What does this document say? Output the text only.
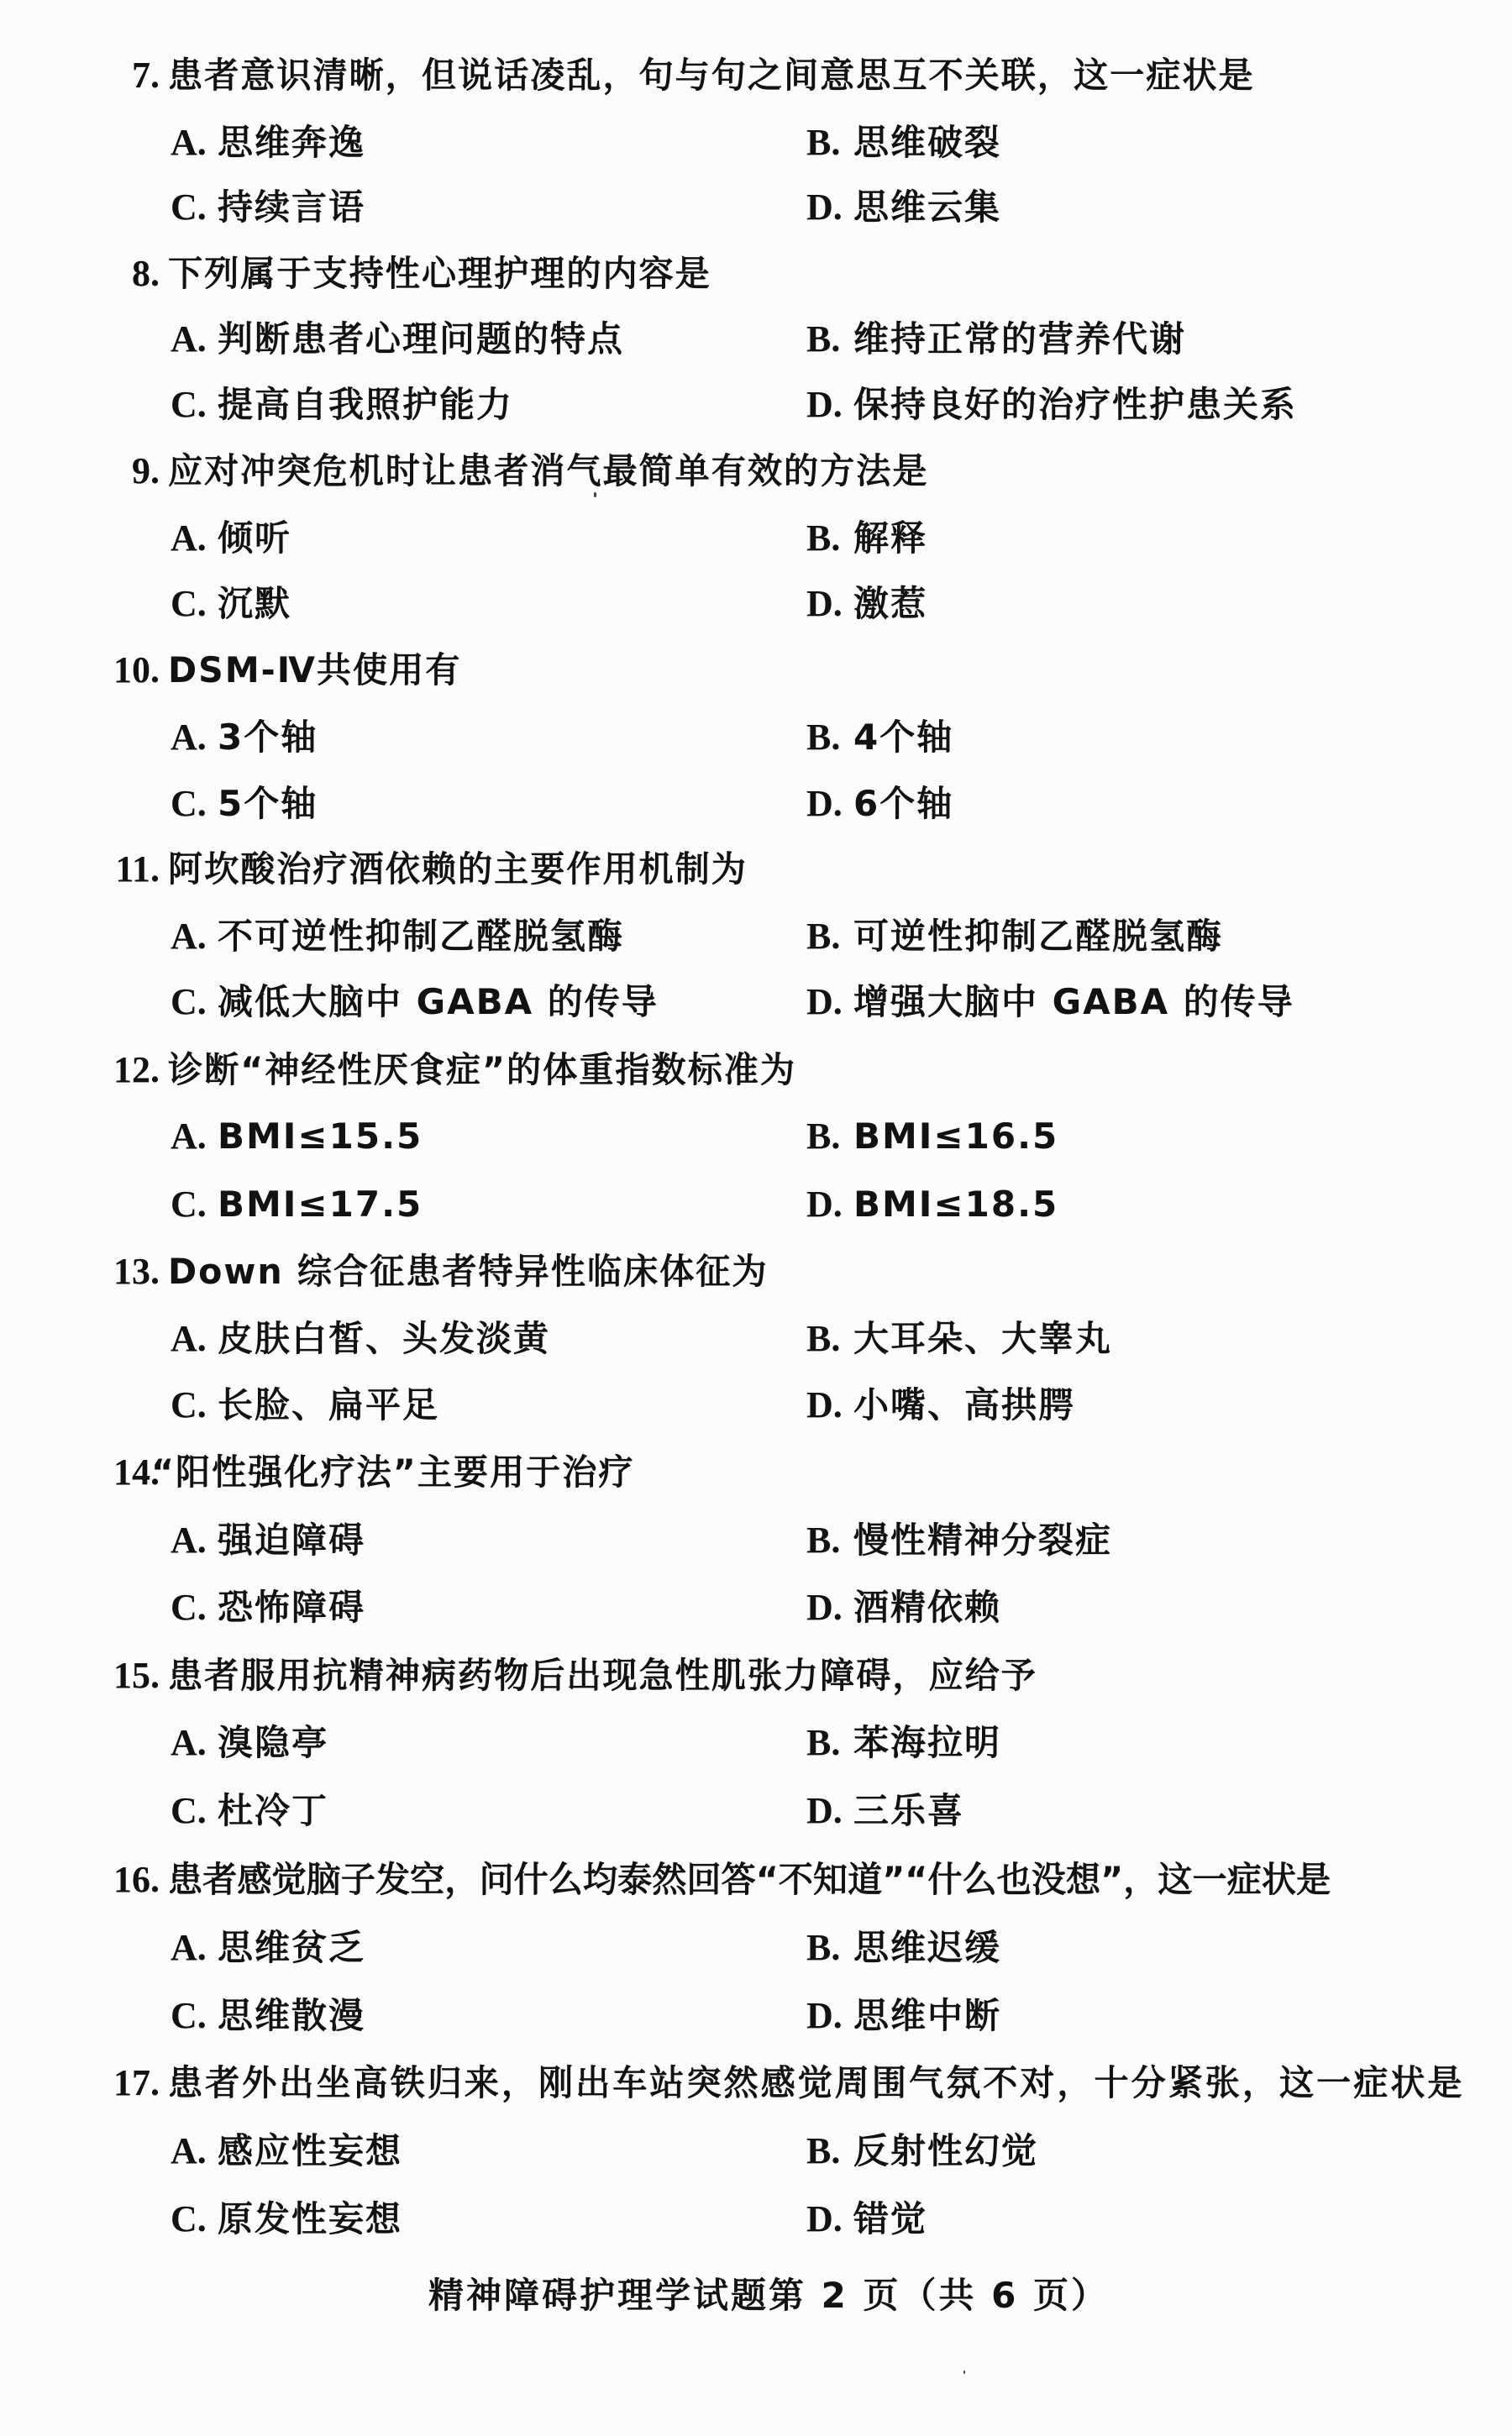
7. 患者意识清晰，但说话凌乱，句与句之间意思互不关联，这一症状是
A. 思维奔逸	B. 思维破裂
C. 持续言语	D. 思维云集
8. 下列属于支持性心理护理的内容是
A. 判断患者心理问题的特点	B. 维持正常的营养代谢
C. 提高自我照护能力	D. 保持良好的治疗性护患关系
9. 应对冲突危机时让患者消气最简单有效的方法是
A. 倾听	B. 解释
C. 沉默	D. 激惹
10. DSM-Ⅳ共使用有
A. 3个轴	B. 4个轴
C. 5个轴	D. 6个轴
11. 阿坎酸治疗酒依赖的主要作用机制为
A. 不可逆性抑制乙醛脱氢酶	B. 可逆性抑制乙醛脱氢酶
C. 减低大脑中 GABA 的传导	D. 增强大脑中 GABA 的传导
12. 诊断“神经性厌食症”的体重指数标准为
A. BMI≤15.5	B. BMI≤16.5
C. BMI≤17.5	D. BMI≤18.5
13. Down 综合征患者特异性临床体征为
A. 皮肤白皙、头发淡黄	B. 大耳朵、大睾丸
C. 长脸、扁平足	D. 小嘴、高拱腭
14.
“阳性强化疗法”主要用于治疗
A. 强迫障碍	B. 慢性精神分裂症
C. 恐怖障碍	D. 酒精依赖
15. 患者服用抗精神病药物后出现急性肌张力障碍，应给予
A. 溴隐亭	B. 苯海拉明
C. 杜冷丁	D. 三乐喜
16. 患者感觉脑子发空，问什么均泰然回答“不知道”“什么也没想”，这一症状是
A. 思维贫乏	B. 思维迟缓
C. 思维散漫	D. 思维中断
17. 患者外出坐高铁归来，刚出车站突然感觉周围气氛不对，十分紧张，这一症状是
A. 感应性妄想	B. 反射性幻觉
C. 原发性妄想	D. 错觉
精神障碍护理学试题第 2 页（共 6 页）
